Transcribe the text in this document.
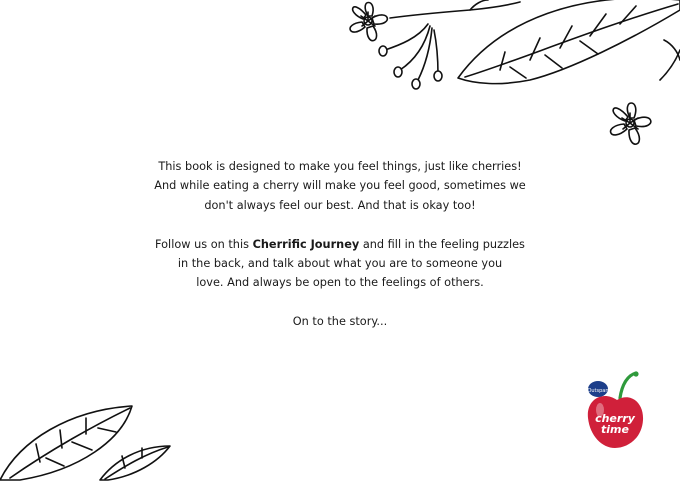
This book is designed to make you feel things, just like cherries!
And while eating a cherry will make you feel good, sometimes we
don't always feel our best. And that is okay too!

Follow us on this Cherrific Journey and fill in the feeling puzzles
in the back, and talk about what you are to someone you
love. And always be open to the feelings of others.

On to the story...

Outspan
cherry
time
